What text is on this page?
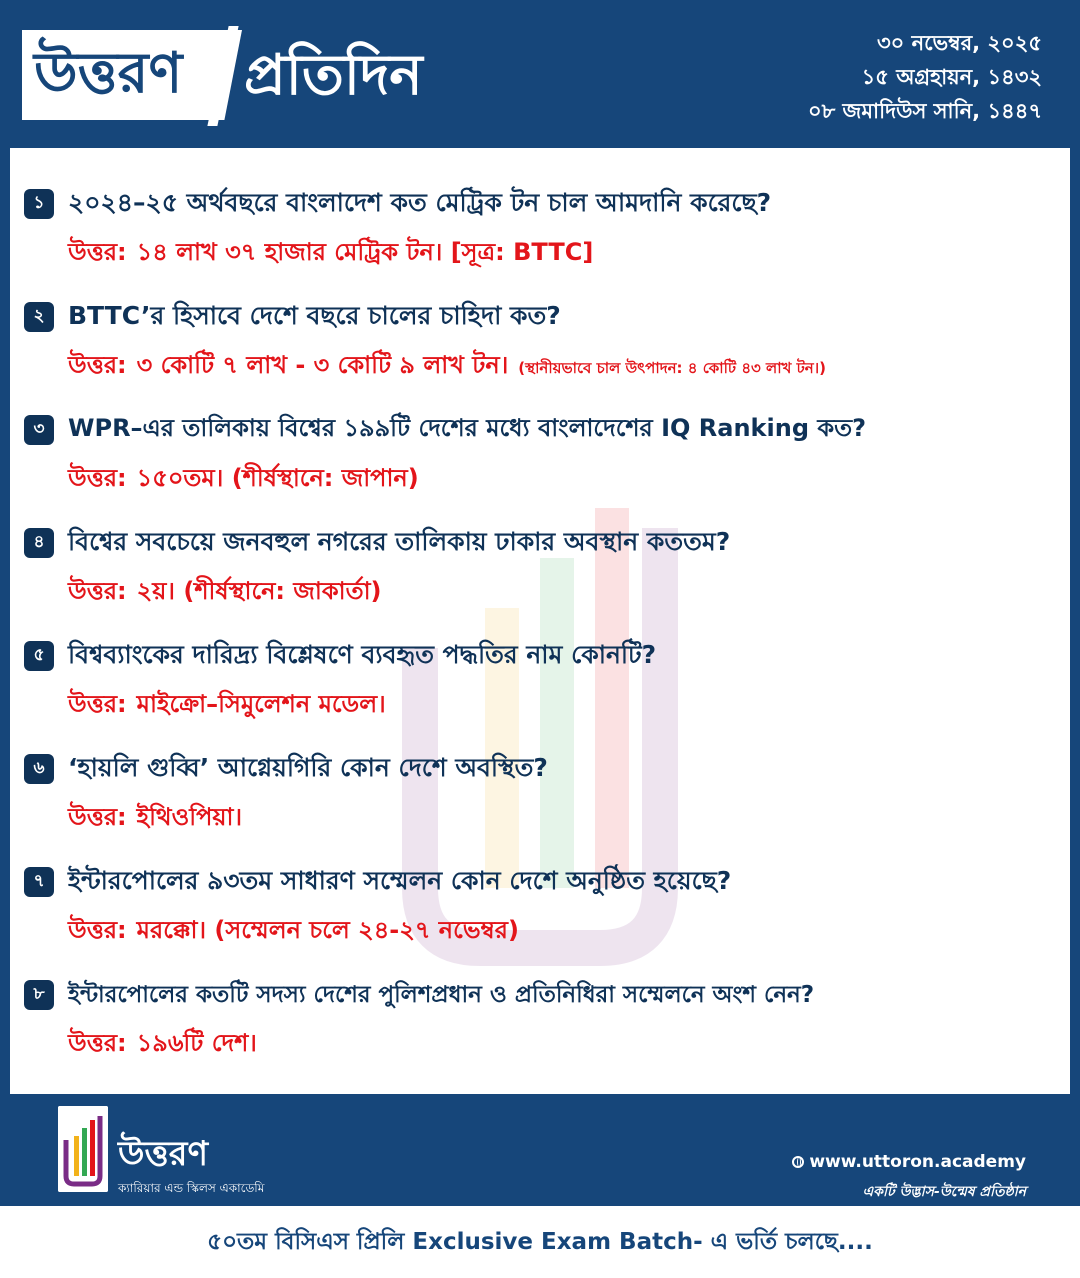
উত্তরণ প্রতিদিন	৩০ নভেম্বর, ২০২৫
১৫ অগ্রহায়ন, ১৪৩২
০৮ জমাদিউস সানি, ১৪৪৭
১ ২০২৪–২৫ অর্থবছরে বাংলাদেশ কত মেট্রিক টন চাল আমদানি করেছে?
উত্তর: ১৪ লাখ ৩৭ হাজার মেট্রিক টন। [সূত্র: BTTC]
২ BTTC’র হিসাবে দেশে বছরে চালের চাহিদা কত?
উত্তর: ৩ কোটি ৭ লাখ - ৩ কোটি ৯ লাখ টন। (স্থানীয়ভাবে চাল উৎপাদন: ৪ কোটি ৪৩ লাখ টন।)
৩ WPR–এর তালিকায় বিশ্বের ১৯৯টি দেশের মধ্যে বাংলাদেশের IQ Ranking কত?
উত্তর: ১৫০তম। (শীর্ষস্থানে: জাপান)
৪ বিশ্বের সবচেয়ে জনবহুল নগরের তালিকায় ঢাকার অবস্থান কততম?
উত্তর: ২য়। (শীর্ষস্থানে: জাকার্তা)
৫ বিশ্বব্যাংকের দারিদ্র্য বিশ্লেষণে ব্যবহৃত পদ্ধতির নাম কোনটি?
উত্তর: মাইক্রো–সিমুলেশন মডেল।
৬ ‘হায়লি গুব্বি’ আগ্নেয়গিরি কোন দেশে অবস্থিত?
উত্তর: ইথিওপিয়া।
৭ ইন্টারপোলের ৯৩তম সাধারণ সম্মেলন কোন দেশে অনুষ্ঠিত হয়েছে?
উত্তর: মরক্কো। (সম্মেলন চলে ২৪-২৭ নভেম্বর)
৮	ইন্টারপোলের কতটি সদস্য দেশের পুলিশপ্রধান ও প্রতিনিধিরা সম্মেলনে অংশ নেন?
উত্তর: ১৯৬টি দেশ।
উত্তরণ
ক্যারিয়ার এন্ড স্কিলস একাডেমি
www.uttoron.academy
একটি উদ্ভাস-উন্মেষ প্রতিষ্ঠান
৫০তম বিসিএস প্রিলি Exclusive Exam Batch- এ ভর্তি চলছে....
